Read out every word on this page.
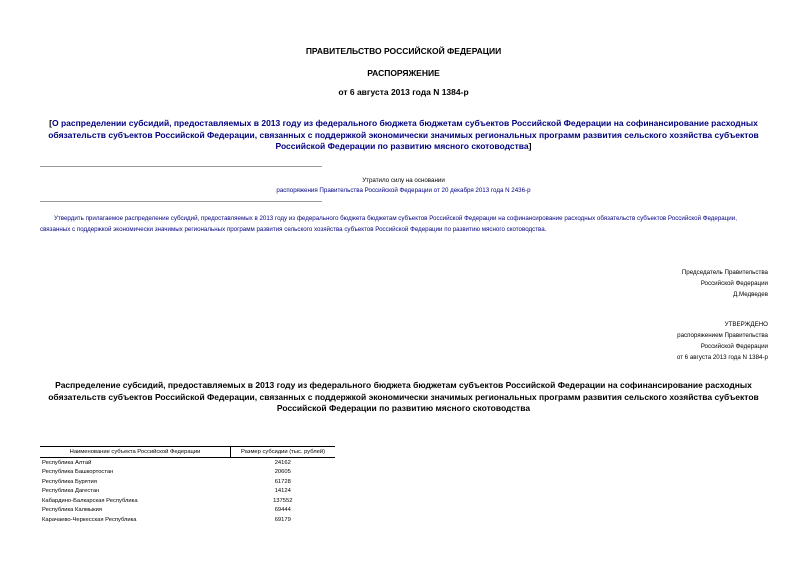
ПРАВИТЕЛЬСТВО РОССИЙСКОЙ ФЕДЕРАЦИИ
РАСПОРЯЖЕНИЕ
от 6 августа 2013 года N 1384-р
[О распределении субсидий, предоставляемых в 2013 году из федерального бюджета бюджетам субъектов Российской Федерации на софинансирование расходных обязательств субъектов Российской Федерации, связанных с поддержкой экономически значимых региональных программ развития сельского хозяйства субъектов Российской Федерации по развитию мясного скотоводства]
Утратило силу на основании
распоряжения Правительства Российской Федерации от 20 декабря 2013 года N 2436-р
Утвердить прилагаемое распределение субсидий, предоставляемых в 2013 году из федерального бюджета бюджетам субъектов Российской Федерации на софинансирование расходных обязательств субъектов Российской Федерации, связанных с поддержкой экономически значимых региональных программ развития сельского хозяйства субъектов Российской Федерации по развитию мясного скотоводства.
Председатель Правительства
Российской Федерации
Д.Медведев
УТВЕРЖДЕНО
распоряжением Правительства
Российской Федерации
от 6 августа 2013 года N 1384-р
Распределение субсидий, предоставляемых в 2013 году из федерального бюджета бюджетам субъектов Российской Федерации на софинансирование расходных обязательств субъектов Российской Федерации, связанных с поддержкой экономически значимых региональных программ развития сельского хозяйства субъектов Российской Федерации по развитию мясного скотоводства
Наименование субъекта Российской Федерации	Размер субсидии (тыс. рублей)
Республика Алтай	24162
Республика Башкортостан	20605
Республика Бурятия	61728
Республика Дагестан	14124
Кабардино-Балкарская Республика	137552
Республика Калмыкия	69444
Карачаево-Черкесская Республика	69179
